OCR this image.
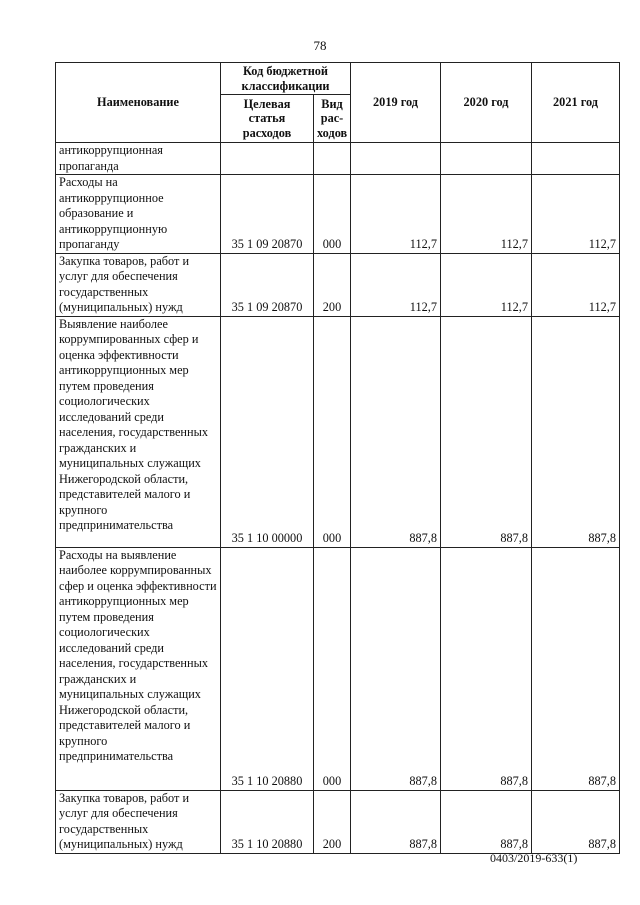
78
Наименование	Код бюджетной классификации		2019 год	2020 год	2021 год
	Целевая статья расходов	Вид рас-ходов			
антикоррупционная пропаганда					
Расходы на антикоррупционное образование и антикоррупционную пропаганду	35 1 09 20870	000	112,7	112,7	112,7
Закупка товаров, работ и услуг для обеспечения государственных (муниципальных) нужд	35 1 09 20870	200	112,7	112,7	112,7
Выявление наиболее коррумпированных сфер и оценка эффективности антикоррупционных мер путем проведения социологических исследований среди населения, государственных гражданских и муниципальных служащих Нижегородской области, представителей малого и крупного предпринимательства	35 1 10 00000	000	887,8	887,8	887,8
Расходы на выявление наиболее коррумпированных сфер и оценка эффективности антикоррупционных мер путем проведения социологических исследований среди населения, государственных гражданских и муниципальных служащих Нижегородской области, представителей малого и крупного предпринимательства	35 1 10 20880	000	887,8	887,8	887,8
Закупка товаров, работ и услуг для обеспечения государственных (муниципальных) нужд	35 1 10 20880	200	887,8	887,8	887,8
0403/2019-633(1)
